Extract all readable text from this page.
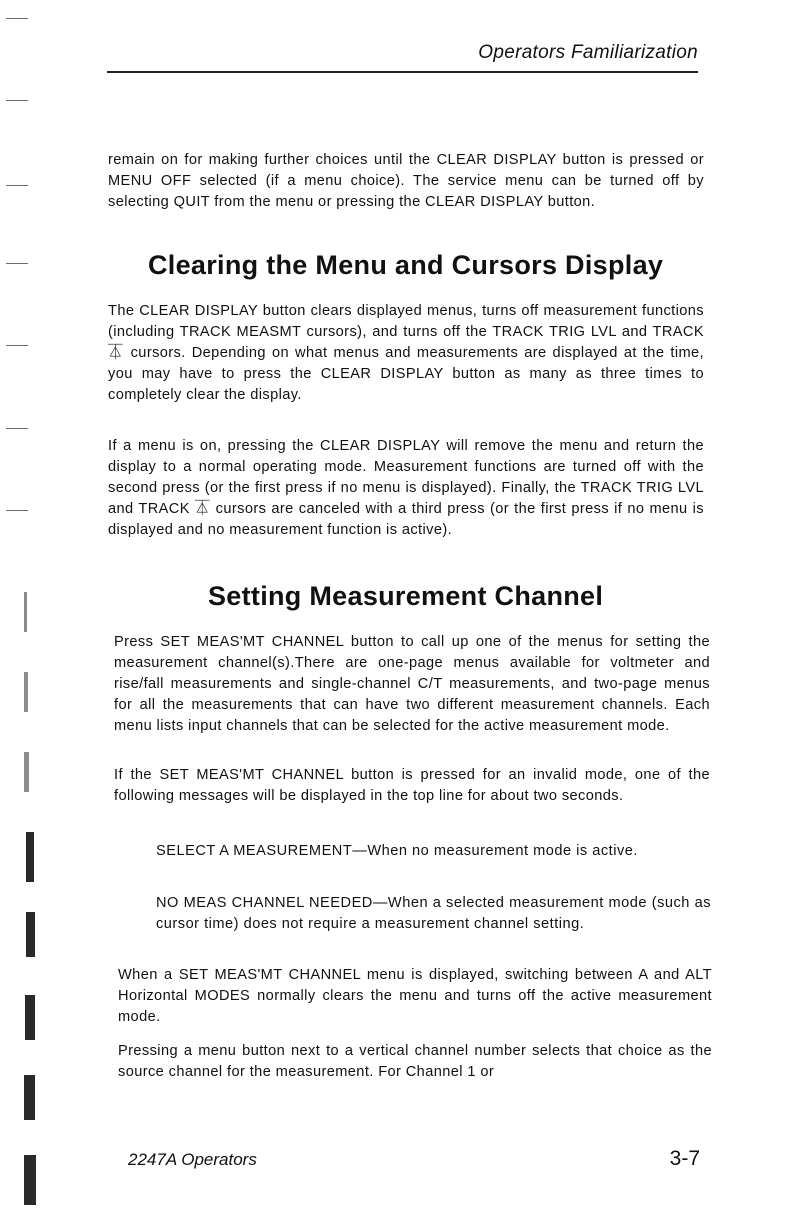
Operators Familiarization

remain on for making further choices until the CLEAR DISPLAY button is pressed or MENU OFF selected (if a menu choice). The service menu can be turned off by selecting QUIT from the menu or pressing the CLEAR DISPLAY button.

Clearing the Menu and Cursors Display

The CLEAR DISPLAY button clears displayed menus, turns off measurement functions (including TRACK MEASMT cursors), and turns off the TRACK TRIG LVL and TRACK ⏄ cursors. Depending on what menus and measurements are displayed at the time, you may have to press the CLEAR DISPLAY button as many as three times to completely clear the display.

If a menu is on, pressing the CLEAR DISPLAY will remove the menu and return the display to a normal operating mode. Measurement functions are turned off with the second press (or the first press if no menu is displayed). Finally, the TRACK TRIG LVL and TRACK ⏄ cursors are canceled with a third press (or the first press if no menu is displayed and no measurement function is active).

Setting Measurement Channel

Press SET MEAS'MT CHANNEL button to call up one of the menus for setting the measurement channel(s).There are one-page menus available for voltmeter and rise/fall measurements and single-channel C/T measurements, and two-page menus for all the measurements that can have two different measurement channels. Each menu lists input channels that can be selected for the active measurement mode.

If the SET MEAS'MT CHANNEL button is pressed for an invalid mode, one of the following messages will be displayed in the top line for about two seconds.

SELECT A MEASUREMENT—When no measurement mode is active.

NO MEAS CHANNEL NEEDED—When a selected measurement mode (such as cursor time) does not require a measurement channel setting.

When a SET MEAS'MT CHANNEL menu is displayed, switching between A and ALT Horizontal MODES normally clears the menu and turns off the active measurement mode.

Pressing a menu button next to a vertical channel number selects that choice as the source channel for the measurement. For Channel 1 or

2247A Operators	3-7
